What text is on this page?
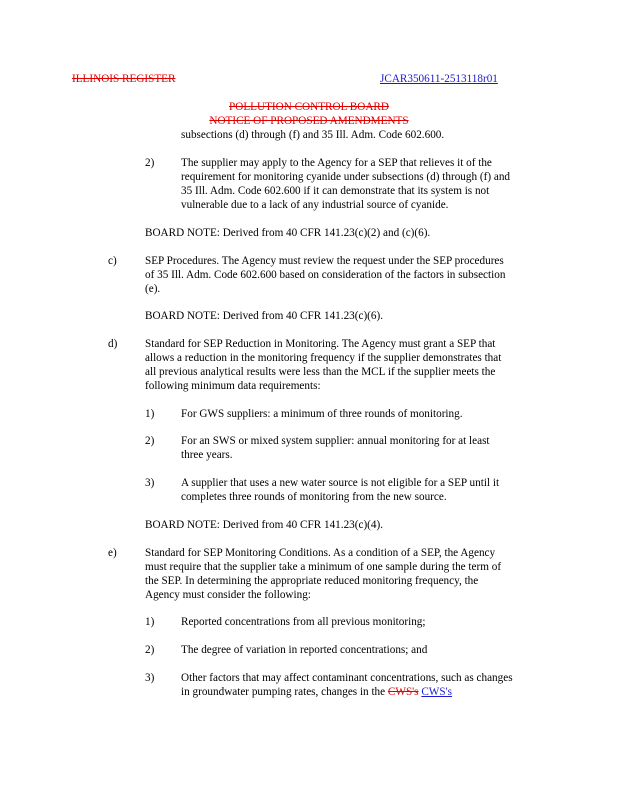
ILLINOIS REGISTER	JCAR350611-2513118r01
POLLUTION CONTROL BOARD
NOTICE OF PROPOSED AMENDMENTS
subsections (d) through (f) and 35 Ill. Adm. Code 602.600.
2) The supplier may apply to the Agency for a SEP that relieves it of the
requirement for monitoring cyanide under subsections (d) through (f) and
35 Ill. Adm. Code 602.600 if it can demonstrate that its system is not
vulnerable due to a lack of any industrial source of cyanide.
BOARD NOTE: Derived from 40 CFR 141.23(c)(2) and (c)(6).
c)	SEP Procedures. The Agency must review the request under the SEP procedures
of 35 Ill. Adm. Code 602.600 based on consideration of the factors in subsection
(e).
BOARD NOTE: Derived from 40 CFR 141.23(c)(6).
d) Standard for SEP Reduction in Monitoring. The Agency must grant a SEP that
allows a reduction in the monitoring frequency if the supplier demonstrates that
all previous analytical results were less than the MCL if the supplier meets the
following minimum data requirements:
1) For GWS suppliers: a minimum of three rounds of monitoring.
2) For an SWS or mixed system supplier: annual monitoring for at least
three years.
3) A supplier that uses a new water source is not eligible for a SEP until it
completes three rounds of monitoring from the new source.
BOARD NOTE: Derived from 40 CFR 141.23(c)(4).
e)	Standard for SEP Monitoring Conditions. As a condition of a SEP, the Agency
must require that the supplier take a minimum of one sample during the term of
the SEP. In determining the appropriate reduced monitoring frequency, the
Agency must consider the following:
1) Reported concentrations from all previous monitoring;
2) The degree of variation in reported concentrations; and
3) Other factors that may affect contaminant concentrations, such as changes
in groundwater pumping rates, changes in the CWS's CWS's
